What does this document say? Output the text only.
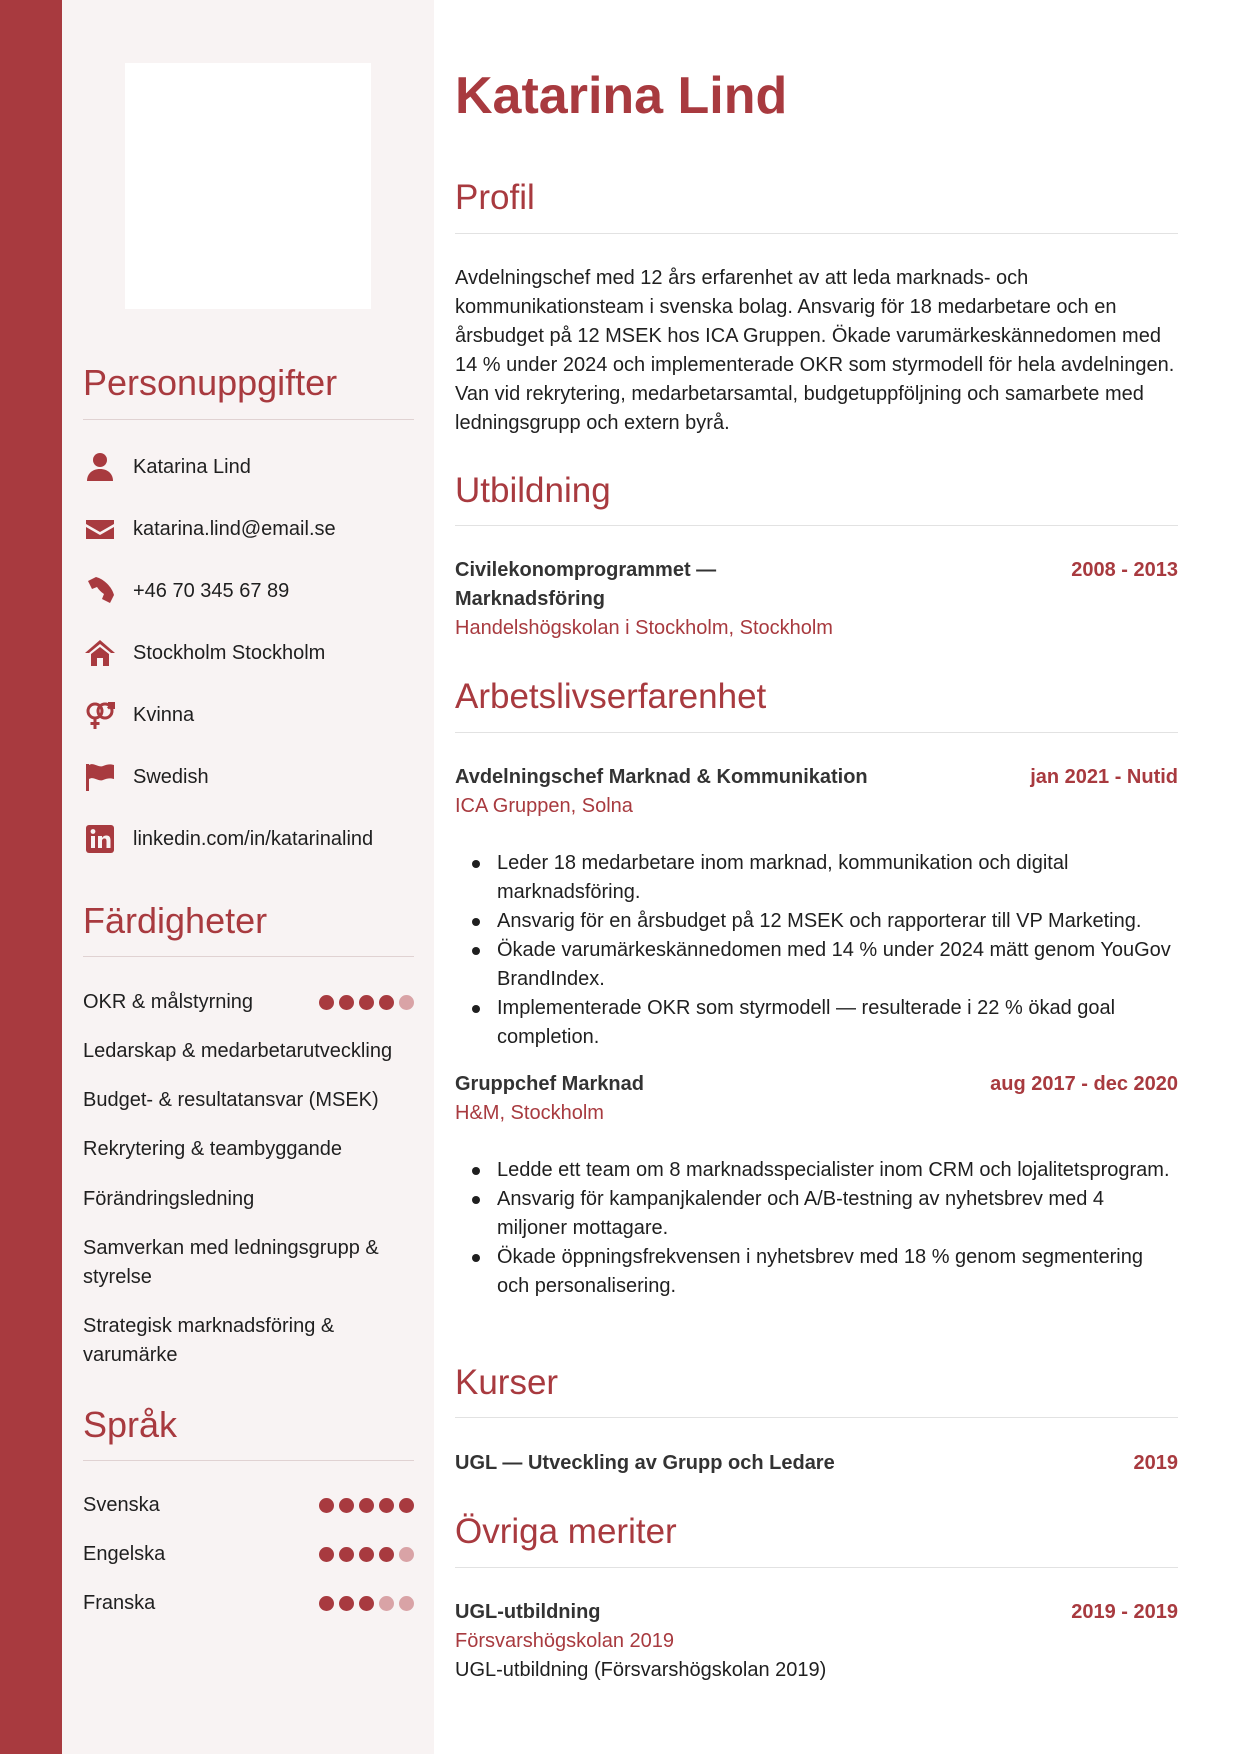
Personuppgifter
Katarina Lind
katarina.lind@email.se
+46 70 345 67 89
Stockholm Stockholm
Kvinna
Swedish
linkedin.com/in/katarinalind
Färdigheter
OKR & målstyrning
Ledarskap & medarbetarutveckling
Budget- & resultatansvar (MSEK)
Rekrytering & teambyggande
Förändringsledning
Samverkan med ledningsgrupp & styrelse
Strategisk marknadsföring & varumärke
Språk
Svenska
Engelska
Franska
Katarina Lind
Profil

Avdelningschef med 12 års erfarenhet av att leda marknads- och kommunikationsteam i svenska bolag. Ansvarig för 18 medarbetare och en årsbudget på 12 MSEK hos ICA Gruppen. Ökade varumärkeskännedomen med 14 % under 2024 och implementerade OKR som styrmodell för hela avdelningen. Van vid rekrytering, medarbetarsamtal, budgetuppföljning och samarbete med ledningsgrupp och extern byrå.

Utbildning
Civilekonomprogrammet — Marknadsföring
2008 - 2013
Handelshögskolan i Stockholm, Stockholm
Arbetslivserfarenhet
Avdelningschef Marknad & Kommunikation	jan 2021 - Nutid
ICA Gruppen, Solna
Leder 18 medarbetare inom marknad, kommunikation och digital marknadsföring.
Ansvarig för en årsbudget på 12 MSEK och rapporterar till VP Marketing.
Ökade varumärkeskännedomen med 14 % under 2024 mätt genom YouGov BrandIndex.
Implementerade OKR som styrmodell — resulterade i 22 % ökad goal completion.
Gruppchef Marknad	aug 2017 - dec 2020
H&M, Stockholm
Ledde ett team om 8 marknadsspecialister inom CRM och lojalitetsprogram.
Ansvarig för kampanjkalender och A/B-testning av nyhetsbrev med 4 miljoner mottagare.
Ökade öppningsfrekvensen i nyhetsbrev med 18 % genom segmentering och personalisering.
Kurser
UGL — Utveckling av Grupp och Ledare	2019
Övriga meriter
UGL-utbildning	2019 - 2019
Försvarshögskolan 2019
UGL-utbildning (Försvarshögskolan 2019)
